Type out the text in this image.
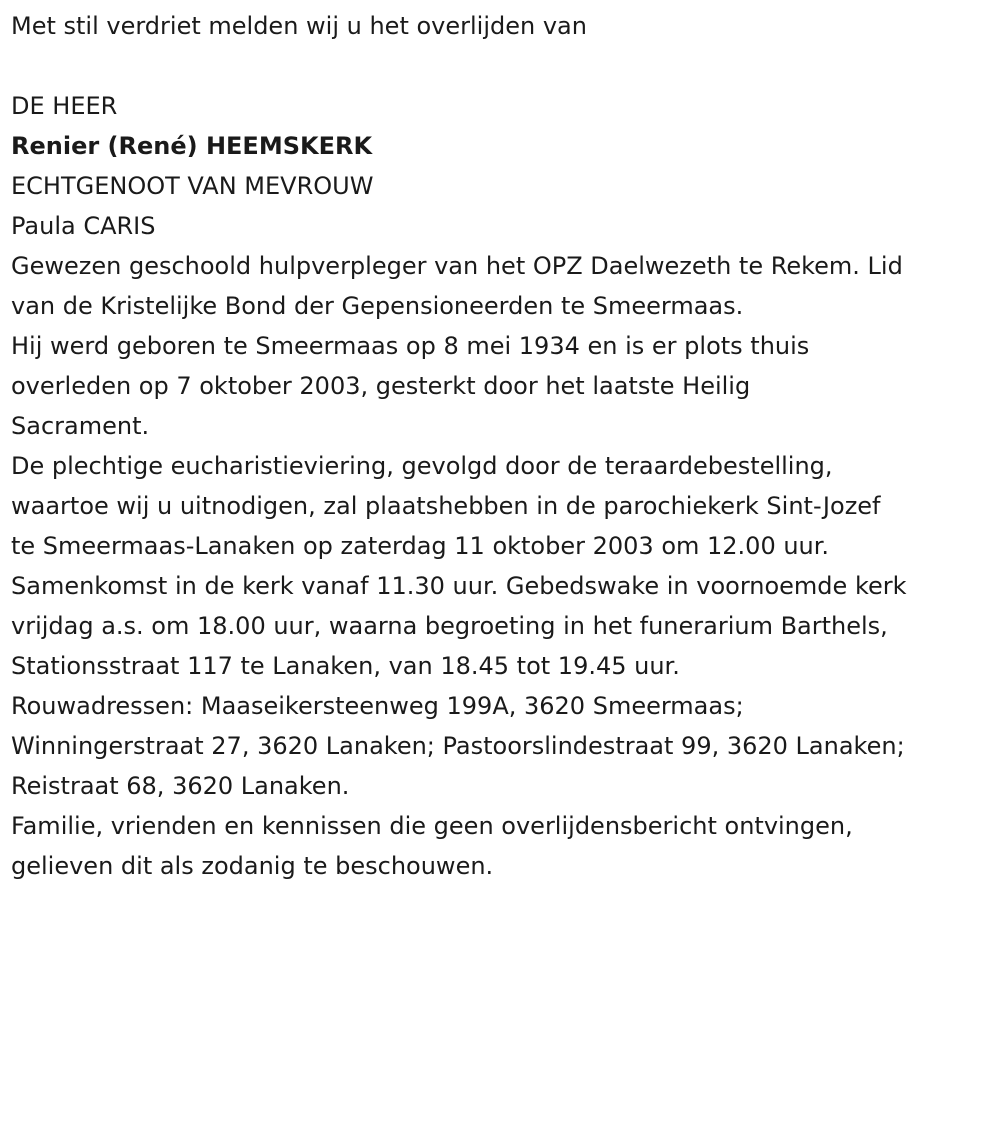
Met stil verdriet melden wij u het overlijden van

DE HEER

Renier (René) HEEMSKERK

ECHTGENOOT VAN MEVROUW

Paula CARIS

Gewezen geschoold hulpverpleger van het OPZ Daelwezeth te Rekem. Lid
van de Kristelijke Bond der Gepensioneerden te Smeermaas.

Hij werd geboren te Smeermaas op 8 mei 1934 en is er plots thuis
overleden op 7 oktober 2003, gesterkt door het laatste Heilig
Sacrament.

De plechtige eucharistieviering, gevolgd door de teraardebestelling,
waartoe wij u uitnodigen, zal plaatshebben in de parochiekerk Sint-Jozef
te Smeermaas-Lanaken op zaterdag 11 oktober 2003 om 12.00 uur.
Samenkomst in de kerk vanaf 11.30 uur. Gebedswake in voornoemde kerk
vrijdag a.s. om 18.00 uur, waarna begroeting in het funerarium Barthels,
Stationsstraat 117 te Lanaken, van 18.45 tot 19.45 uur.

Rouwadressen: Maaseikersteenweg 199A, 3620 Smeermaas;
Winningerstraat 27, 3620 Lanaken; Pastoorslindestraat 99, 3620 Lanaken;
Reistraat 68, 3620 Lanaken.

Familie, vrienden en kennissen die geen overlijdensbericht ontvingen,
gelieven dit als zodanig te beschouwen.
